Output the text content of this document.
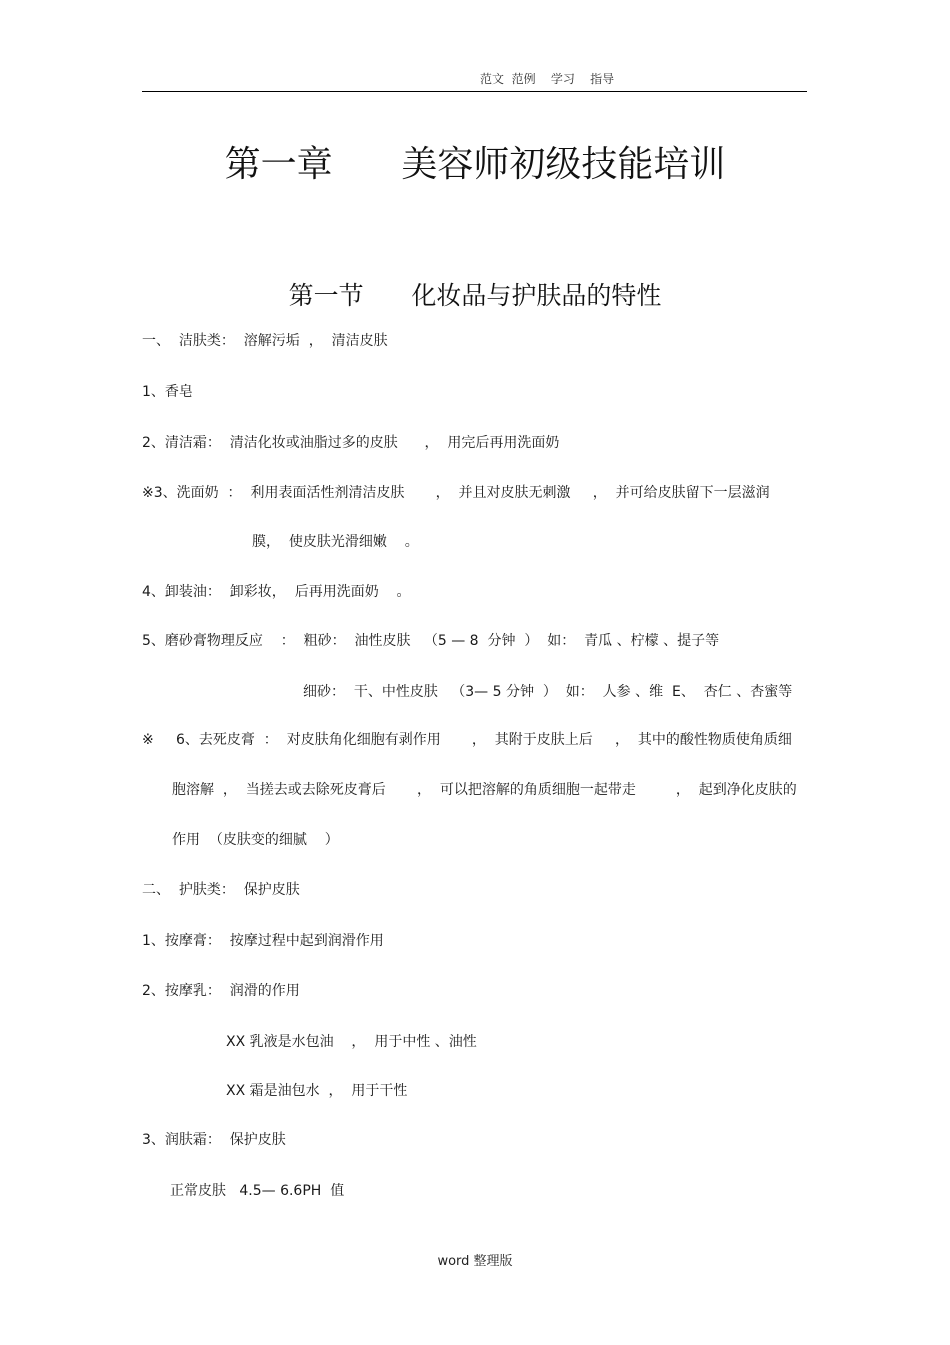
范文  范例    学习    指导
第一章      美容师初级技能培训
第一节      化妆品与护肤品的特性
一、  洁肤类：  溶解污垢  ，  清洁皮肤
1、香皂
2、清洁霜：  清洁化妆或油脂过多的皮肤      ，  用完后再用洗面奶
※3、洗面奶  ：  利用表面活性剂清洁皮肤       ，  并且对皮肤无刺激     ，  并可给皮肤留下一层滋润
膜，  使皮肤光滑细嫩    。
4、卸装油：  卸彩妆，  后再用洗面奶    。
5、磨砂膏物理反应    ：  粗砂：  油性皮肤   （5 — 8  分钟  ）  如：  青瓜 、柠檬 、提子等
细砂：  干、中性皮肤   （3— 5 分钟  ）  如：  人参 、维  E、  杏仁 、杏蜜等
※     6、去死皮膏  ：  对皮肤角化细胞有剥作用       ，  其附于皮肤上后     ，  其中的酸性物质使角质细
胞溶解  ，  当搓去或去除死皮膏后       ，  可以把溶解的角质细胞一起带走         ，  起到净化皮肤的
作用  （皮肤变的细腻    ）
二、  护肤类：  保护皮肤
1、按摩膏：  按摩过程中起到润滑作用
2、按摩乳：  润滑的作用
XX 乳液是水包油    ，  用于中性 、油性
XX 霜是油包水  ，  用于干性
3、润肤霜：  保护皮肤
正常皮肤   4.5— 6.6PH  值
word 整理版
